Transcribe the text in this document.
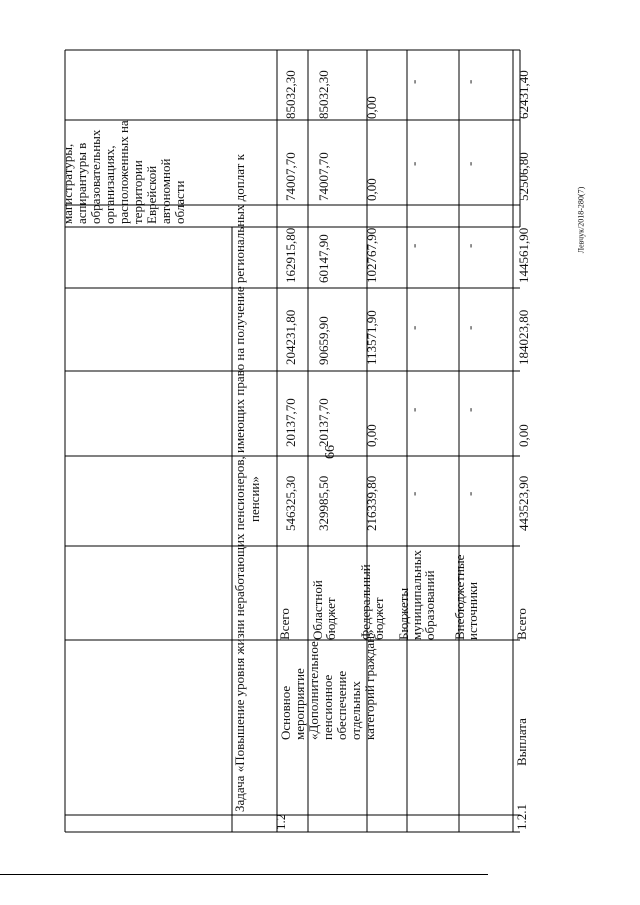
66
Левчук/2018-280(7)
магистратуры, аспирантуры в образовательных организациях, расположенных на территории Еврейской автономной области	Задача «Повышение уровня жизни неработающих пенсионеров, имеющих право на получение региональных доплат к пенсии»
1.2
Основное мероприятие «Дополнительное пенсионное обеспечение отдельных категорий граждан»
Всего
546325,30
20137,70
204231,80
162915,80
74007,70
85032,30
Областной
бюджет
329985,50
20137,70
90659,90
60147,90
74007,70
85032,30
Федеральный
бюджет
216339,80
0,00
113571,90
102767,90
0,00
0,00
Бюджеты
муниципальных
образований
-
-
-
-
-
-
Внебюджетные
источники
-
-
-
-
-
-
1.2.1
Выплата
Всего
443523,90
0,00
184023,80
144561,90
52506,80
62431,40
